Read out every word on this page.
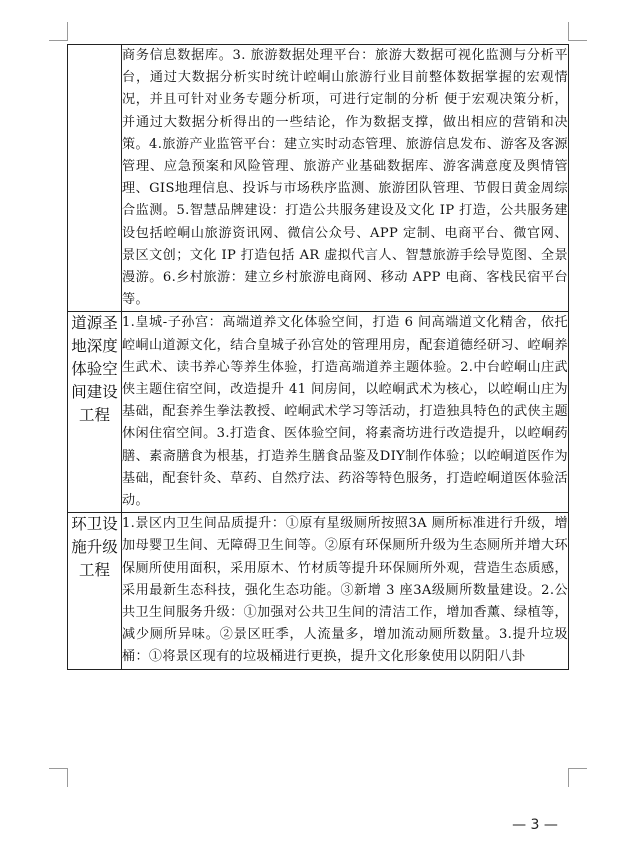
	商务信息数据库。3. 旅游数据处理平台：旅游大数据可视化监测与分析平台，通过大数据分析实时统计崆峒山旅游行业目前整体数据掌握的宏观情况，并且可针对业务专题分析项，可进行定制的分析 便于宏观决策分析，并通过大数据分析得出的一些结论，作为数据支撑，做出相应的营销和决策。4.旅游产业监管平台：建立实时动态管理、旅游信息发布、游客及客源管理、应急预案和风险管理、旅游产业基础数据库、游客满意度及舆情管理、GIS地理信息、投诉与市场秩序监测、旅游团队管理、节假日黄金周综合监测。5.智慧品牌建设：打造公共服务建设及文化 IP 打造，公共服务建设包括崆峒山旅游资讯网、微信公众号、APP 定制、电商平台、微官网、景区文创；文化 IP 打造包括 AR 虚拟代言人、智慧旅游手绘导览图、全景漫游。6.乡村旅游：建立乡村旅游电商网、移动 APP 电商、客栈民宿平台等。
道源圣地深度体验空间建设工程	1.皇城-子孙宫：高端道养文化体验空间，打造 6 间高端道文化精舍，依托崆峒山道源文化，结合皇城子孙宫处的管理用房，配套道德经研习、崆峒养生武术、读书养心等养生体验，打造高端道养主题体验。2.中台崆峒山庄武侠主题住宿空间，改造提升 41 间房间，以崆峒武术为核心，以崆峒山庄为基础，配套养生拳法教授、崆峒武术学习等活动，打造独具特色的武侠主题休闲住宿空间。3.打造食、医体验空间，将素斋坊进行改造提升，以崆峒药膳、素斋膳食为根基，打造养生膳食品鉴及DIY制作体验；以崆峒道医作为基础，配套针灸、草药、自然疗法、药浴等特色服务，打造崆峒道医体验活动。
环卫设施升级工程	1.景区内卫生间品质提升：①原有星级厕所按照3A 厕所标准进行升级，增加母婴卫生间、无障碍卫生间等。②原有环保厕所升级为生态厕所并增大环保厕所使用面积，采用原木、竹材质等提升环保厕所外观，营造生态质感，采用最新生态科技，强化生态功能。③新增 3 座3A级厕所数量建设。2.公共卫生间服务升级：①加强对公共卫生间的清洁工作，增加香薰、绿植等，减少厕所异味。②景区旺季，人流量多，增加流动厕所数量。3.提升垃圾桶：①将景区现有的垃圾桶进行更换，提升文化形象使用以阴阳八卦
— 3 —
